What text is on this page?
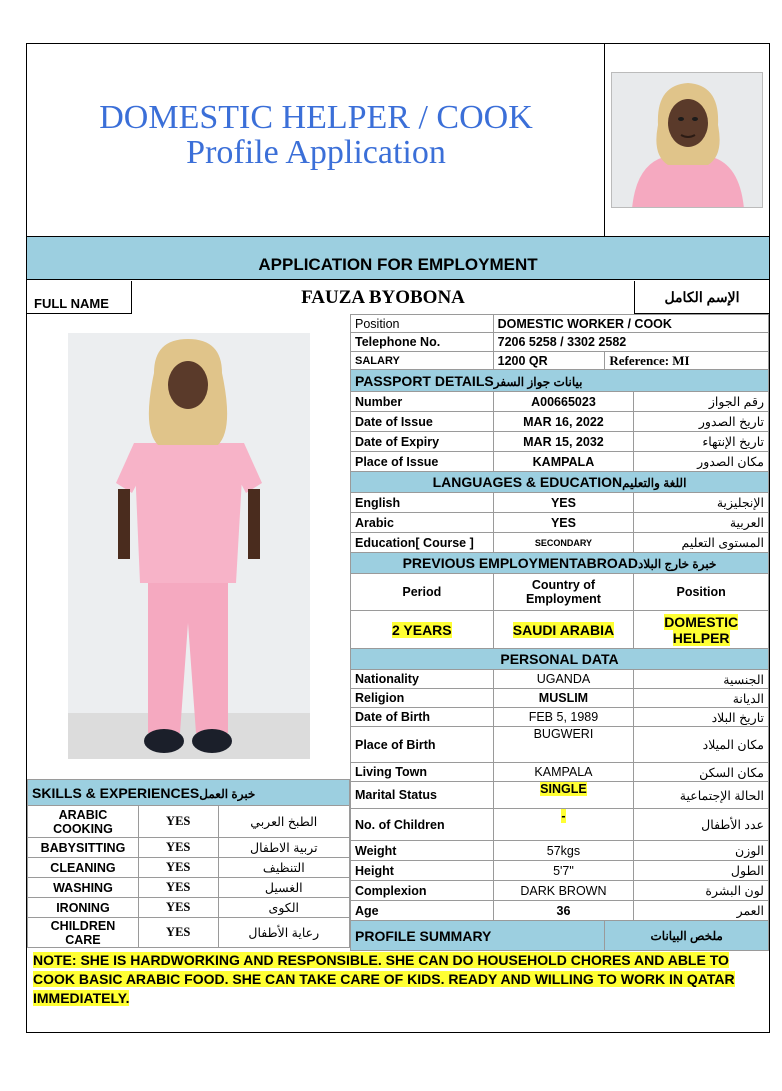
DOMESTIC HELPER / COOK
Profile Application
APPLICATION FOR EMPLOYMENT
FULL NAME	FAUZA BYOBONA	الإسم الكامل
Position	DOMESTIC WORKER / COOK		
Telephone No.	7206 5258 / 3302 2582		
SALARY	1200 QR	Reference: MI	
PASSPORT DETAILSبيانات جواز السفر			
Number	A00665023		رقم الجواز
Date of Issue	MAR 16, 2022		تاريخ الصدور
Date of Expiry	MAR 15, 2032		تاريخ الإنتهاء
Place of Issue	KAMPALA		مكان الصدور
LANGUAGES & EDUCATIONاللغة والتعليم			
English	YES		الإنجليزية
Arabic	YES		العربية
Education[ Course ]	SECONDARY		المستوى التعليم
PREVIOUS EMPLOYMENTABROADخبرة خارج البلاد			
Period	Country of Employment		Position
2 YEARS	SAUDI ARABIA		DOMESTIC HELPER
PERSONAL DATA			
Nationality	UGANDA		الجنسية
Religion	MUSLIM		الديانة
Date of Birth	FEB 5, 1989		تاريخ البلاد
Place of Birth	BUGWERI		مكان الميلاد
Living Town	KAMPALA		مكان السكن
Marital Status	SINGLE		الحالة الإجتماعية
No. of Children	-		عدد الأطفال
Weight	57kgs		الوزن
Height	5'7"		الطول
Complexion	DARK BROWN		لون البشرة
Age	36		العمر
PROFILE SUMMARY		ملخص البيانات	
SKILLS & EXPERIENCESخبرة العمل		
ARABIC COOKING	YES	الطبخ العربي
BABYSITTING	YES	تربية الاطفال
CLEANING	YES	التنظيف
WASHING	YES	الغسيل
IRONING	YES	الكوى
CHILDREN CARE	YES	رعاية الأطفال
NOTE: SHE IS HARDWORKING AND RESPONSIBLE. SHE CAN DO HOUSEHOLD CHORES AND ABLE TO COOK BASIC ARABIC FOOD. SHE CAN TAKE CARE OF KIDS. READY AND WILLING TO WORK IN QATAR IMMEDIATELY.
